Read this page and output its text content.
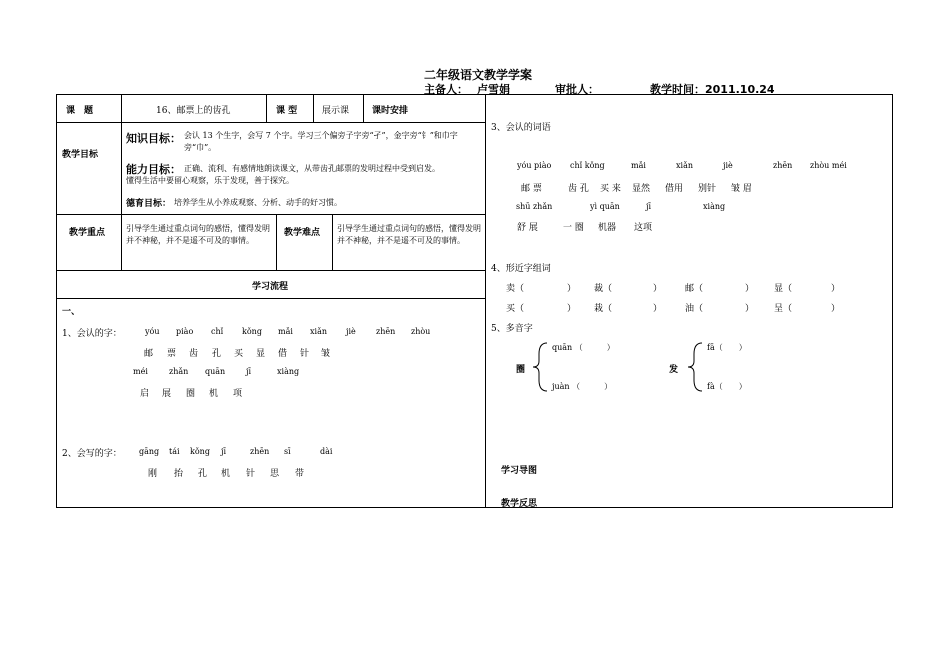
二年级语文教学学案
主备人： 卢雪娟	审批人：	教学时间：2011.10.24
课　题	16、邮票上的齿孔	课 型	展示课	课时安排
教学目标
知识目标： 会认 13 个生字，会写 7 个字。学习三个偏旁子字旁“孑”，金字旁“钅”和巾字旁“巾”。
能力目标： 正确、流利、有感情地朗读课文，从带齿孔邮票的发明过程中受到启发。
懂得生活中要留心观察，乐于发现，善于探究。
德育目标： 培养学生从小养成观察、分析、动手的好习惯。
教学重点	引导学生通过重点词句的感悟，懂得发明并不神秘，并不是遥不可及的事情。
教学难点 引导学生通过重点词句的感悟，懂得发明并不神秘，并不是遥不可及的事情。
学习流程
一、
1、会认的字：	yóu piào chǐ kǒng mǎi xiǎn jiè	zhēn zhòu
邮 票 齿 孔 买 显 借 针 皱
méi	zhǎn quān	jī	xiàng
启 展 圈 机 项
2、会写的字： gāng tái kǒng jī	zhēn sī	dài
刚 抬 孔 机 针 思 带
3、会认的词语
yóu piào chǐ kǒng	mǎi	xiǎn	jiè	zhēn zhòu méi
邮 票	齿 孔 买 来 显然 借用 别针 皱 眉
shū zhǎn	yì quān	jī	xiàng
舒 展	一 圈 机器 这项
4、形近字组词
卖（	） 裁（	）	邮（	） 显（	）
买（	） 栽（	）	油（	） 呈（	）
5、多音字
圈
quān （　　　）
juàn （　　　）
发
fā（　　）
fà（　　）
学习导图
教学反思
